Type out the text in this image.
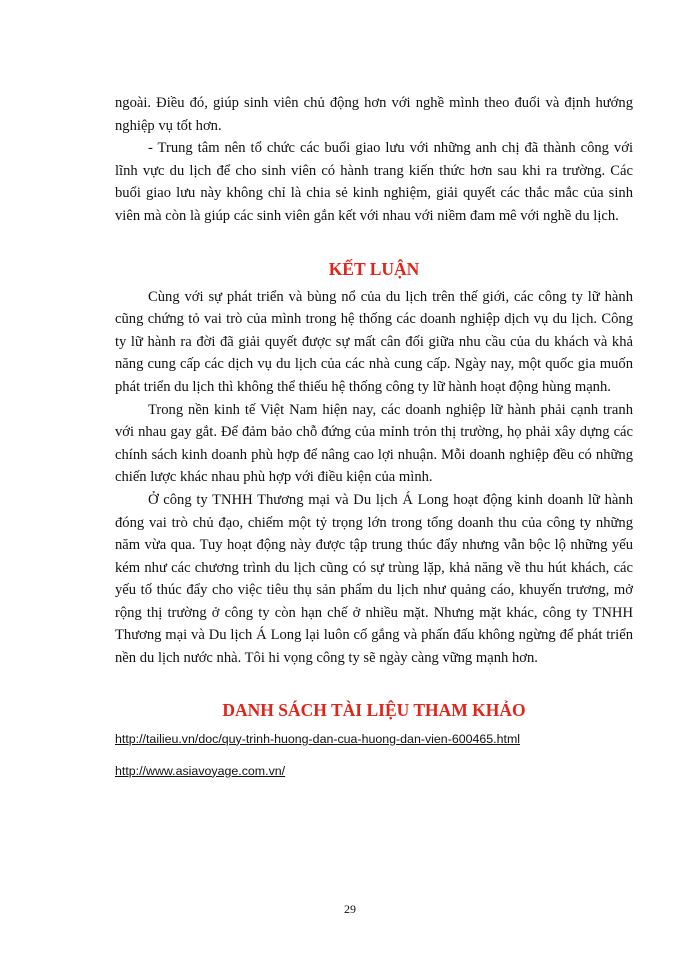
ngoài. Điều đó, giúp sinh viên chủ động hơn với nghề mình theo đuổi và định hướng nghiệp vụ tốt hơn.

- Trung tâm nên tổ chức các buổi giao lưu với những anh chị đã thành công với lĩnh vực du lịch để cho sinh viên có hành trang kiến thức hơn sau khi ra trường. Các buổi giao lưu này không chỉ là chia sẻ kinh nghiệm, giải quyết các thắc mắc của sinh viên mà còn là giúp các sinh viên gắn kết với nhau với niềm đam mê với nghề du lịch.

KẾT LUẬN

Cùng với sự phát triển và bùng nổ của du lịch trên thế giới, các công ty lữ hành cũng chứng tỏ vai trò của mình trong hệ thống các doanh nghiệp dịch vụ du lịch. Công ty lữ hành ra đời đã giải quyết được sự mất cân đối giữa nhu cầu của du khách và khả năng cung cấp các dịch vụ du lịch của các nhà cung cấp. Ngày nay, một quốc gia muốn phát triển du lịch thì không thể thiếu hệ thống công ty lữ hành hoạt động hùng mạnh.

Trong nền kinh tế Việt Nam hiện nay, các doanh nghiệp lữ hành phải cạnh tranh với nhau gay gắt. Để đảm bảo chỗ đứng của mỉnh trỏn thị trường, họ phải xây dựng các chính sách kinh doanh phù hợp để nâng cao lợi nhuận. Mỗi doanh nghiệp đều có những chiến lược khác nhau phù hợp với điều kiện của mình.

Ở công ty TNHH Thương mại và Du lịch Á Long hoạt động kinh doanh lữ hành đóng vai trò chủ đạo, chiếm một tỷ trọng lớn trong tổng doanh thu của công ty những năm vừa qua. Tuy hoạt động này được tập trung thúc đẩy nhưng vẫn bộc lộ những yếu kém như các chương trình du lịch cũng có sự trùng lặp, khả năng về thu hút khách, các yếu tố thúc đẩy cho việc tiêu thụ sản phẩm du lịch như quảng cáo, khuyến trương, mở rộng thị trường ở công ty còn hạn chế ở nhiều mặt. Nhưng mặt khác, công ty TNHH Thương mại và Du lịch Á Long lại luôn cố gắng và phấn đấu không ngừng để phát triển nền du lịch nước nhà. Tôi hi vọng công ty sẽ ngày càng vững mạnh hơn.

DANH SÁCH TÀI LIỆU THAM KHẢO

http://tailieu.vn/doc/quy-trinh-huong-dan-cua-huong-dan-vien-600465.html
http://www.asiavoyage.com.vn/
29
